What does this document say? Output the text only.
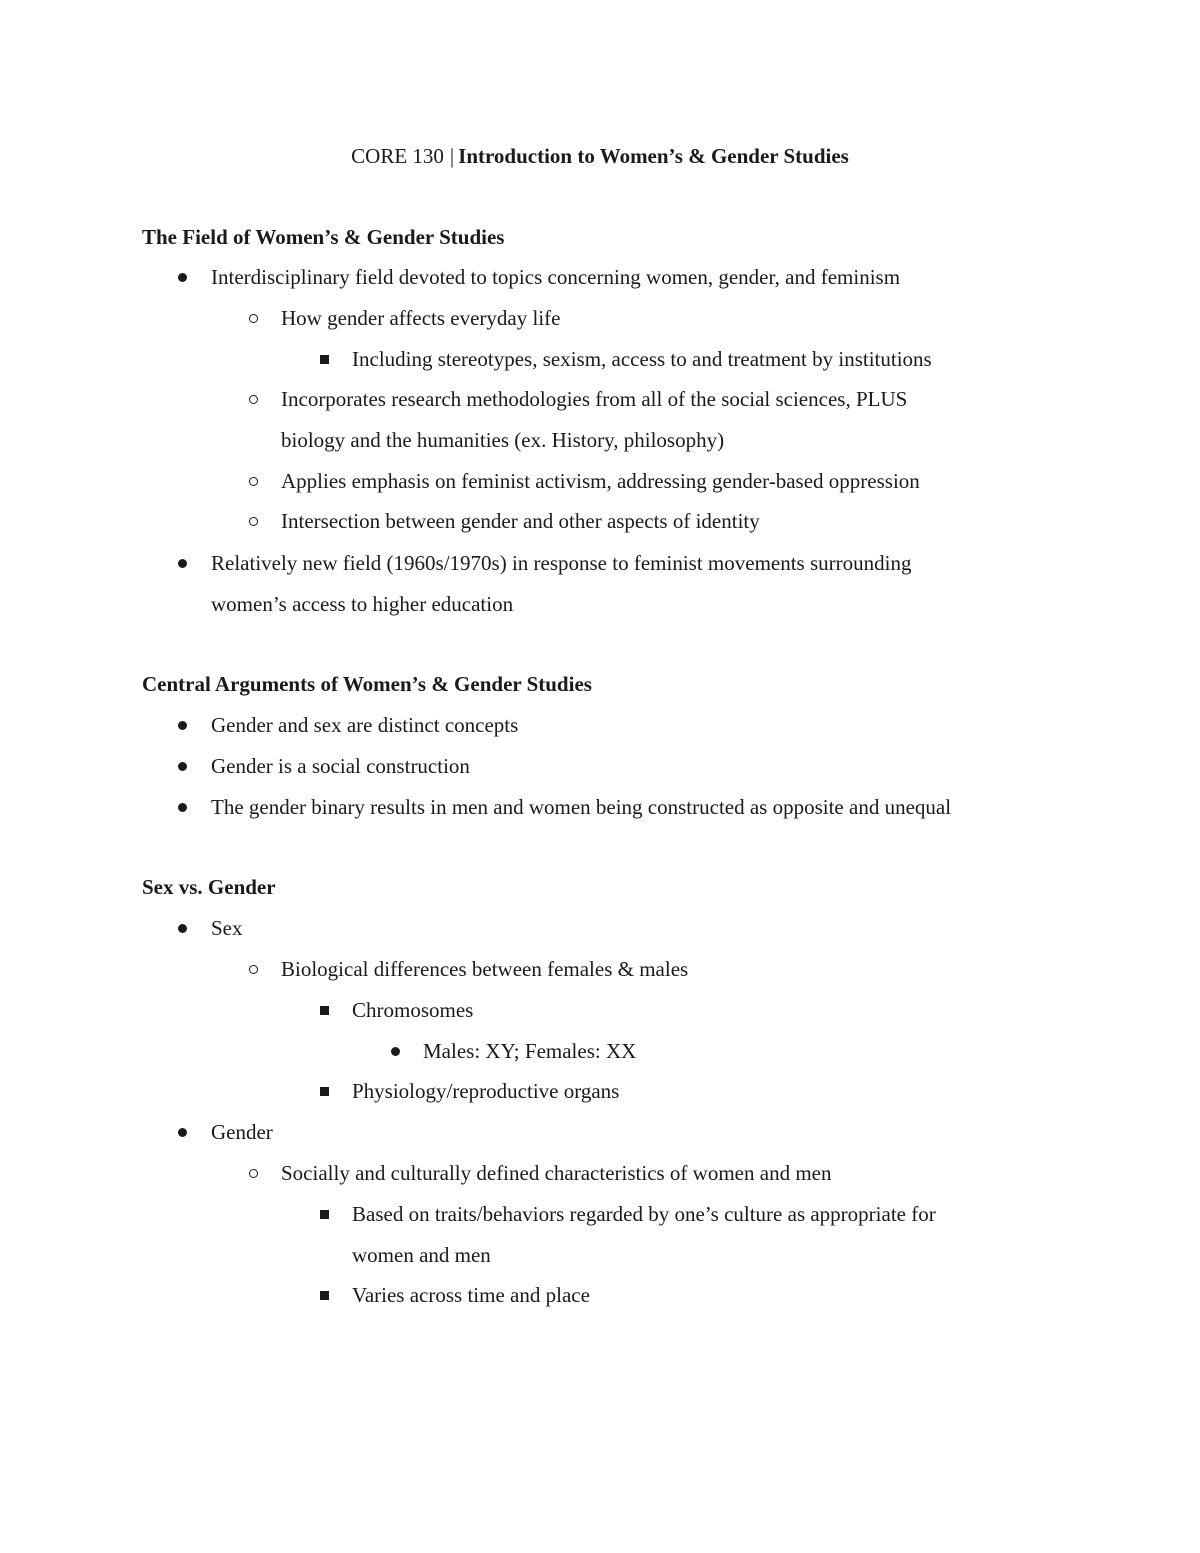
CORE 130 | Introduction to Women’s & Gender Studies
The Field of Women’s & Gender Studies
Interdisciplinary field devoted to topics concerning women, gender, and feminism
How gender affects everyday life
Including stereotypes, sexism, access to and treatment by institutions
Incorporates research methodologies from all of the social sciences, PLUS
biology and the humanities (ex. History, philosophy)
Applies emphasis on feminist activism, addressing gender-based oppression
Intersection between gender and other aspects of identity
Relatively new field (1960s/1970s) in response to feminist movements surrounding
women’s access to higher education
Central Arguments of Women’s & Gender Studies
Gender and sex are distinct concepts
Gender is a social construction
The gender binary results in men and women being constructed as opposite and unequal
Sex vs. Gender
Sex
Biological differences between females & males
Chromosomes
Males: XY; Females: XX
Physiology/reproductive organs
Gender
Socially and culturally defined characteristics of women and men
Based on traits/behaviors regarded by one’s culture as appropriate for
women and men
Varies across time and place
